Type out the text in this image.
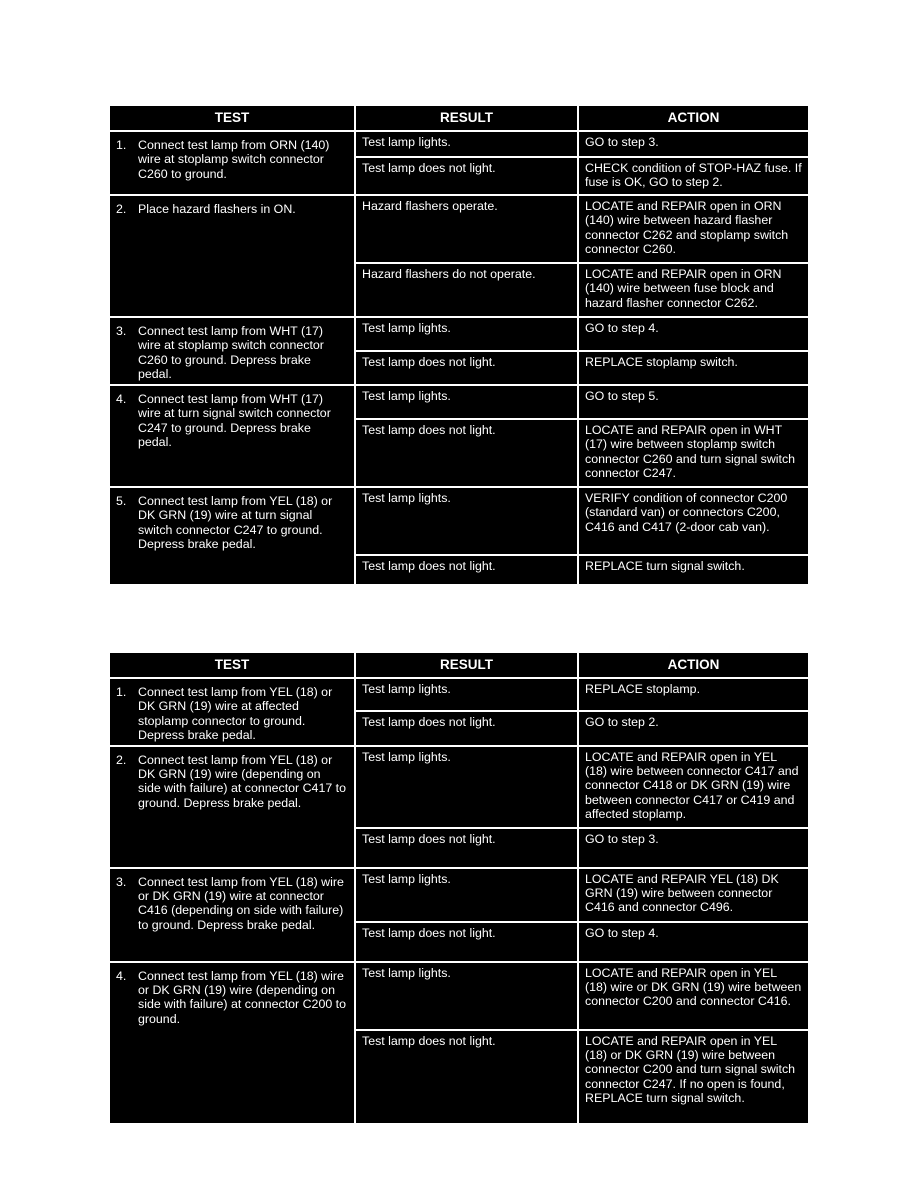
TEST	RESULT	ACTION
1. Connect test lamp from ORN (140) wire at stoplamp switch connector C260 to ground.	Test lamp lights.	GO to step 3.
	Test lamp does not light.	CHECK condition of STOP-HAZ fuse. If fuse is OK, GO to step 2.
2. Place hazard flashers in ON.	Hazard flashers operate.	LOCATE and REPAIR open in ORN (140) wire between hazard flasher connector C262 and stoplamp switch connector C260.
	Hazard flashers do not operate.	LOCATE and REPAIR open in ORN (140) wire between fuse block and hazard flasher connector C262.
3. Connect test lamp from WHT (17) wire at stoplamp switch connector C260 to ground. Depress brake pedal.	Test lamp lights.	GO to step 4.
	Test lamp does not light.	REPLACE stoplamp switch.
4. Connect test lamp from WHT (17) wire at turn signal switch connector C247 to ground. Depress brake pedal.	Test lamp lights.	GO to step 5.
	Test lamp does not light.	LOCATE and REPAIR open in WHT (17) wire between stoplamp switch connector C260 and turn signal switch connector C247.
5. Connect test lamp from YEL (18) or DK GRN (19) wire at turn signal switch connector C247 to ground. Depress brake pedal.	Test lamp lights.	VERIFY condition of connector C200 (standard van) or connectors C200, C416 and C417 (2-door cab van).
	Test lamp does not light.	REPLACE turn signal switch.
TEST	RESULT	ACTION
1. Connect test lamp from YEL (18) or DK GRN (19) wire at affected stoplamp connector to ground. Depress brake pedal.	Test lamp lights.	REPLACE stoplamp.
	Test lamp does not light.	GO to step 2.
2. Connect test lamp from YEL (18) or DK GRN (19) wire (depending on side with failure) at connector C417 to ground. Depress brake pedal.	Test lamp lights.	LOCATE and REPAIR open in YEL (18) wire between connector C417 and connector C418 or DK GRN (19) wire between connector C417 or C419 and affected stoplamp.
	Test lamp does not light.	GO to step 3.
3. Connect test lamp from YEL (18) wire or DK GRN (19) wire at connector C416 (depending on side with failure) to ground. Depress brake pedal.	Test lamp lights.	LOCATE and REPAIR YEL (18) DK GRN (19) wire between connector C416 and connector C496.
	Test lamp does not light.	GO to step 4.
4. Connect test lamp from YEL (18) wire or DK GRN (19) wire (depending on side with failure) at connector C200 to ground.	Test lamp lights.	LOCATE and REPAIR open in YEL (18) wire or DK GRN (19) wire between connector C200 and connector C416.
	Test lamp does not light.	LOCATE and REPAIR open in YEL (18) or DK GRN (19) wire between connector C200 and turn signal switch connector C247. If no open is found, REPLACE turn signal switch.
